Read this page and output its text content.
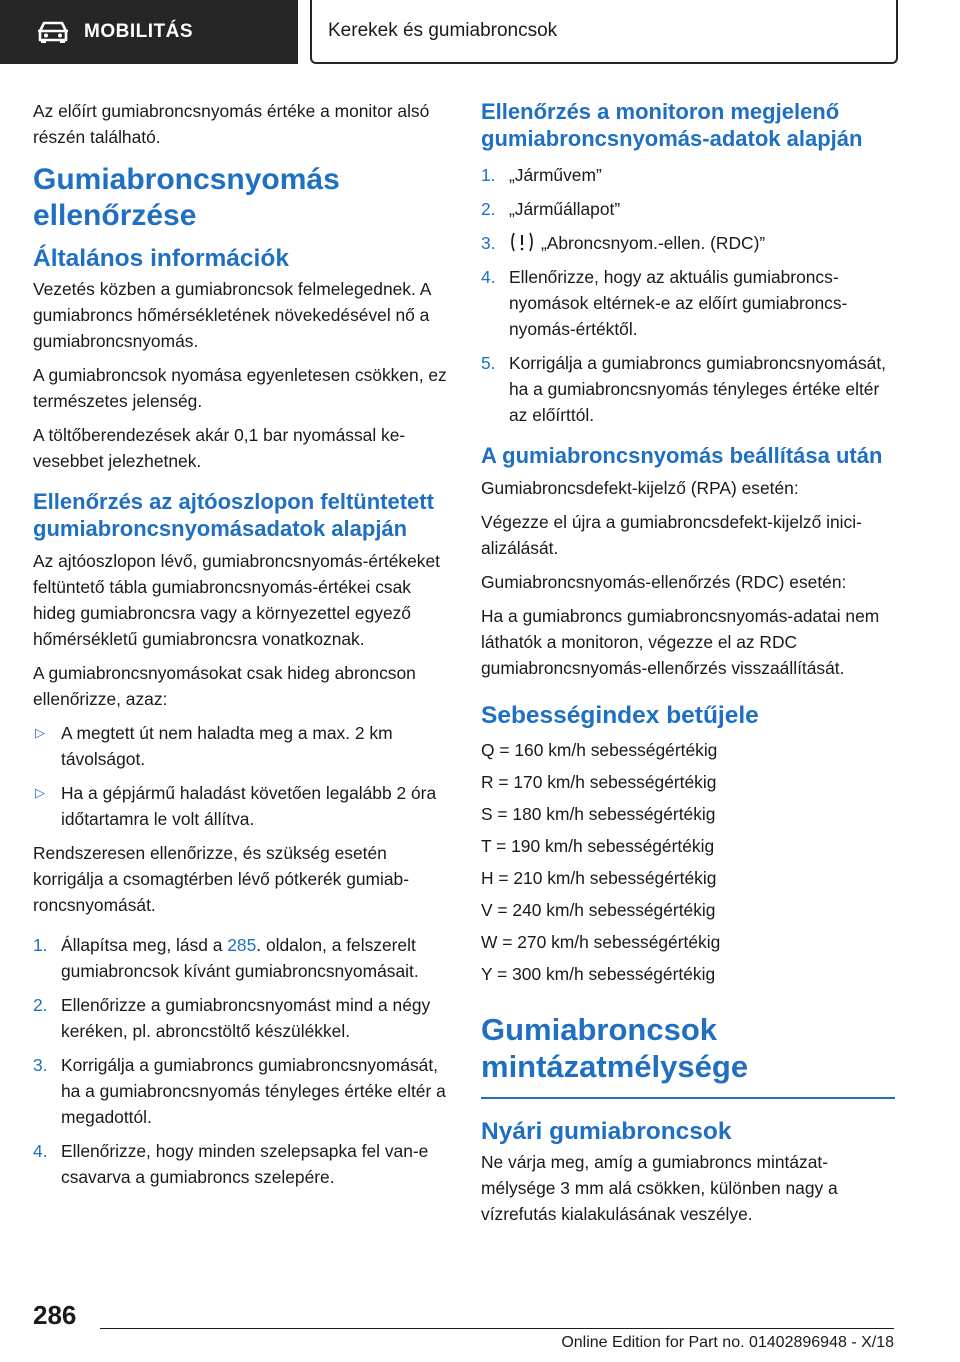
MOBILITÁS	Kerekek és gumiabroncsok

Az előírt gumiabroncsnyomás értéke a monitor alsó részén található.

Gumiabroncsnyomás ellenőrzése
Általános információk

Vezetés közben a gumiabroncsok felmelegednek. A gumiabroncs hőmérsékletének növekedésével nő a gumiabroncsnyomás.

A gumiabroncsok nyomása egyenletesen csökken, ez természetes jelenség.

A töltőberendezések akár 0,1 bar nyomással kevesebbet jelezhetnek.

Ellenőrzés az ajtóoszlopon feltüntetett gumiabroncsnyomásadatok alapján

Az ajtóoszlopon lévő, gumiabroncsnyomás-értékeket feltüntető tábla gumiabroncsnyomás-értékei csak hideg gumiabroncsra vagy a környezettel egyező hőmérsékletű gumiabroncsra vonatkoznak.

A gumiabroncsnyomásokat csak hideg abroncson ellenőrizze, azaz:

▷ A megtett út nem haladta meg a max. 2 km távolságot.
▷ Ha a gépjármű haladást követően legalább 2 óra időtartamra le volt állítva.

Rendszeresen ellenőrizze, és szükség esetén korrigálja a csomagtérben lévő pótkerék gumiabroncsnyomását.

1. Állapítsa meg, lásd a 285. oldalon, a felszerelt gumiabroncsok kívánt gumiabroncsnyomásait.
2. Ellenőrizze a gumiabroncsnyomást mind a négy keréken, pl. abroncstöltő készülékkel.
3. Korrigálja a gumiabroncs gumiabroncsnyomását, ha a gumiabroncsnyomás tényleges értéke eltér a megadottól.
4. Ellenőrizze, hogy minden szelepsapka fel van-e csavarva a gumiabroncs szelepére.
Ellenőrzés a monitoron megjelenő gumiabroncsnyomás-adatok alapján
1. „Járművem”
2. „Járműállapot”
3.	„Abroncsnyom.-ellen. (RDC)”
4. Ellenőrizze, hogy az aktuális gumiabroncsnyomások eltérnek-e az előírt gumiabroncsnyomás-értéktől.
5. Korrigálja a gumiabroncs gumiabroncsnyomását, ha a gumiabroncsnyomás tényleges értéke eltér az előírttól.
A gumiabroncsnyomás beállítása után

Gumiabroncsdefekt-kijelző (RPA) esetén:

Végezze el újra a gumiabroncsdefekt-kijelző inicializálását.

Gumiabroncsnyomás-ellenőrzés (RDC) esetén:

Ha a gumiabroncs gumiabroncsnyomás-adatai nem láthatók a monitoron, végezze el az RDC gumiabroncsnyomás-ellenőrzés visszaállítását.

Sebességindex betűjele

Q = 160 km/h sebességértékig

R = 170 km/h sebességértékig

S = 180 km/h sebességértékig

T = 190 km/h sebességértékig

H = 210 km/h sebességértékig

V = 240 km/h sebességértékig

W = 270 km/h sebességértékig

Y = 300 km/h sebességértékig

Gumiabroncsok
mintázatmélysége
Nyári gumiabroncsok

Ne várja meg, amíg a gumiabroncs mintázatmélysége 3 mm alá csökken, különben nagy a vízrefutás kialakulásának veszélye.

286
Online Edition for Part no. 01402896948 - X/18
